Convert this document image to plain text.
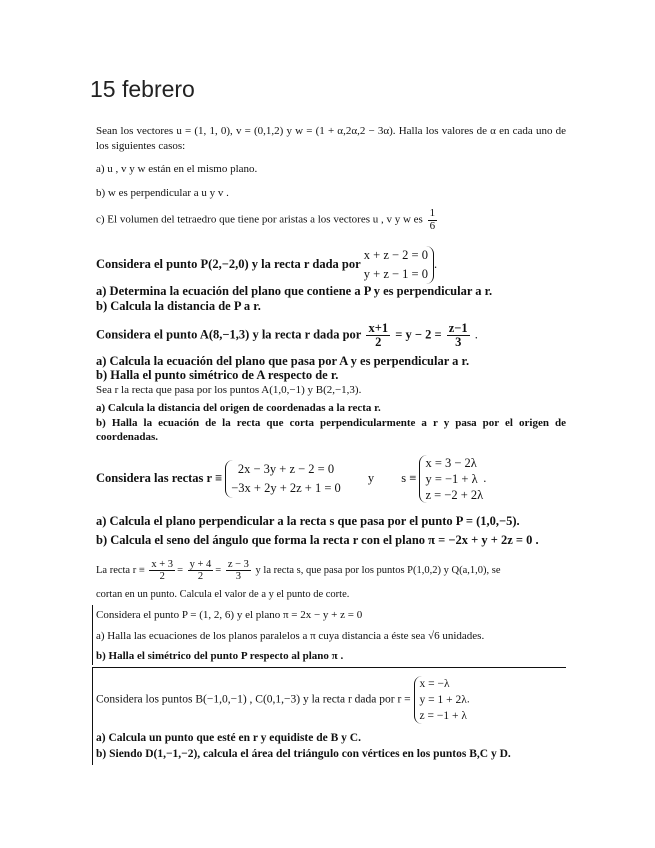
15 febrero
Sean los vectores u = (1, 1, 0), v = (0,1,2) y w = (1 + α,2α,2 − 3α). Halla los valores de α en cada uno de los siguientes casos:
a) u , v y w están en el mismo plano.
b) w es perpendicular a u y v .
c) El volumen del tetraedro que tiene por aristas a los vectores u , v y w es $\frac{1}{6}$
Considera el punto P(2,−2,0) y la recta r dada por
x + z − 2 = 0
y + z − 1 = 0
.
a) Determina la ecuación del plano que contiene a P y es perpendicular a r.
b) Calcula la distancia de P a r.
Considera el punto A(8,−1,3) y la recta r dada por $\frac{x+1}{2} = y - 2 = \frac{z-1}{3}$ .
a) Calcula la ecuación del plano que pasa por A y es perpendicular a r.
b) Halla el punto simétrico de A respecto de r.
Sea r la recta que pasa por los puntos A(1,0,−1) y B(2,−1,3).
a) Calcula la distancia del origen de coordenadas a la recta r.
b) Halla la ecuación de la recta que corta perpendicularmente a r y pasa por el origen de coordenadas.
Considera las rectas r ≡
2x − 3y + z − 2 = 0
−3x + 2y + 2z + 1 = 0
y s ≡
x = 3 − 2λ
y = −1 + λ
z = −2 + 2λ
.
a) Calcula el plano perpendicular a la recta s que pasa por el punto P = (1,0,−5).
b) Calcula el seno del ángulo que forma la recta r con el plano π = −2x + y + 2z = 0 .
La recta $r \equiv \frac{x + 3}{2} = \frac{y + 4}{2} = \frac{z - 3}{3}$ y la recta s, que pasa por los puntos P(1,0,2) y Q(a,1,0), se
cortan en un punto. Calcula el valor de a y el punto de corte.
Considera el punto P = (1, 2, 6) y el plano π = 2x − y + z = 0
a) Halla las ecuaciones de los planos paralelos a π cuya distancia a éste sea √6 unidades.
b) Halla el simétrico del punto P respecto al plano π .
Considera los puntos B(−1,0,−1) , C(0,1,−3) y la recta r dada por r =
x = −λ
y = 1 + 2λ
z = −1 + λ
.
a) Calcula un punto que esté en r y equidiste de B y C.
b) Siendo D(1,−1,−2), calcula el área del triángulo con vértices en los puntos B,C y D.
